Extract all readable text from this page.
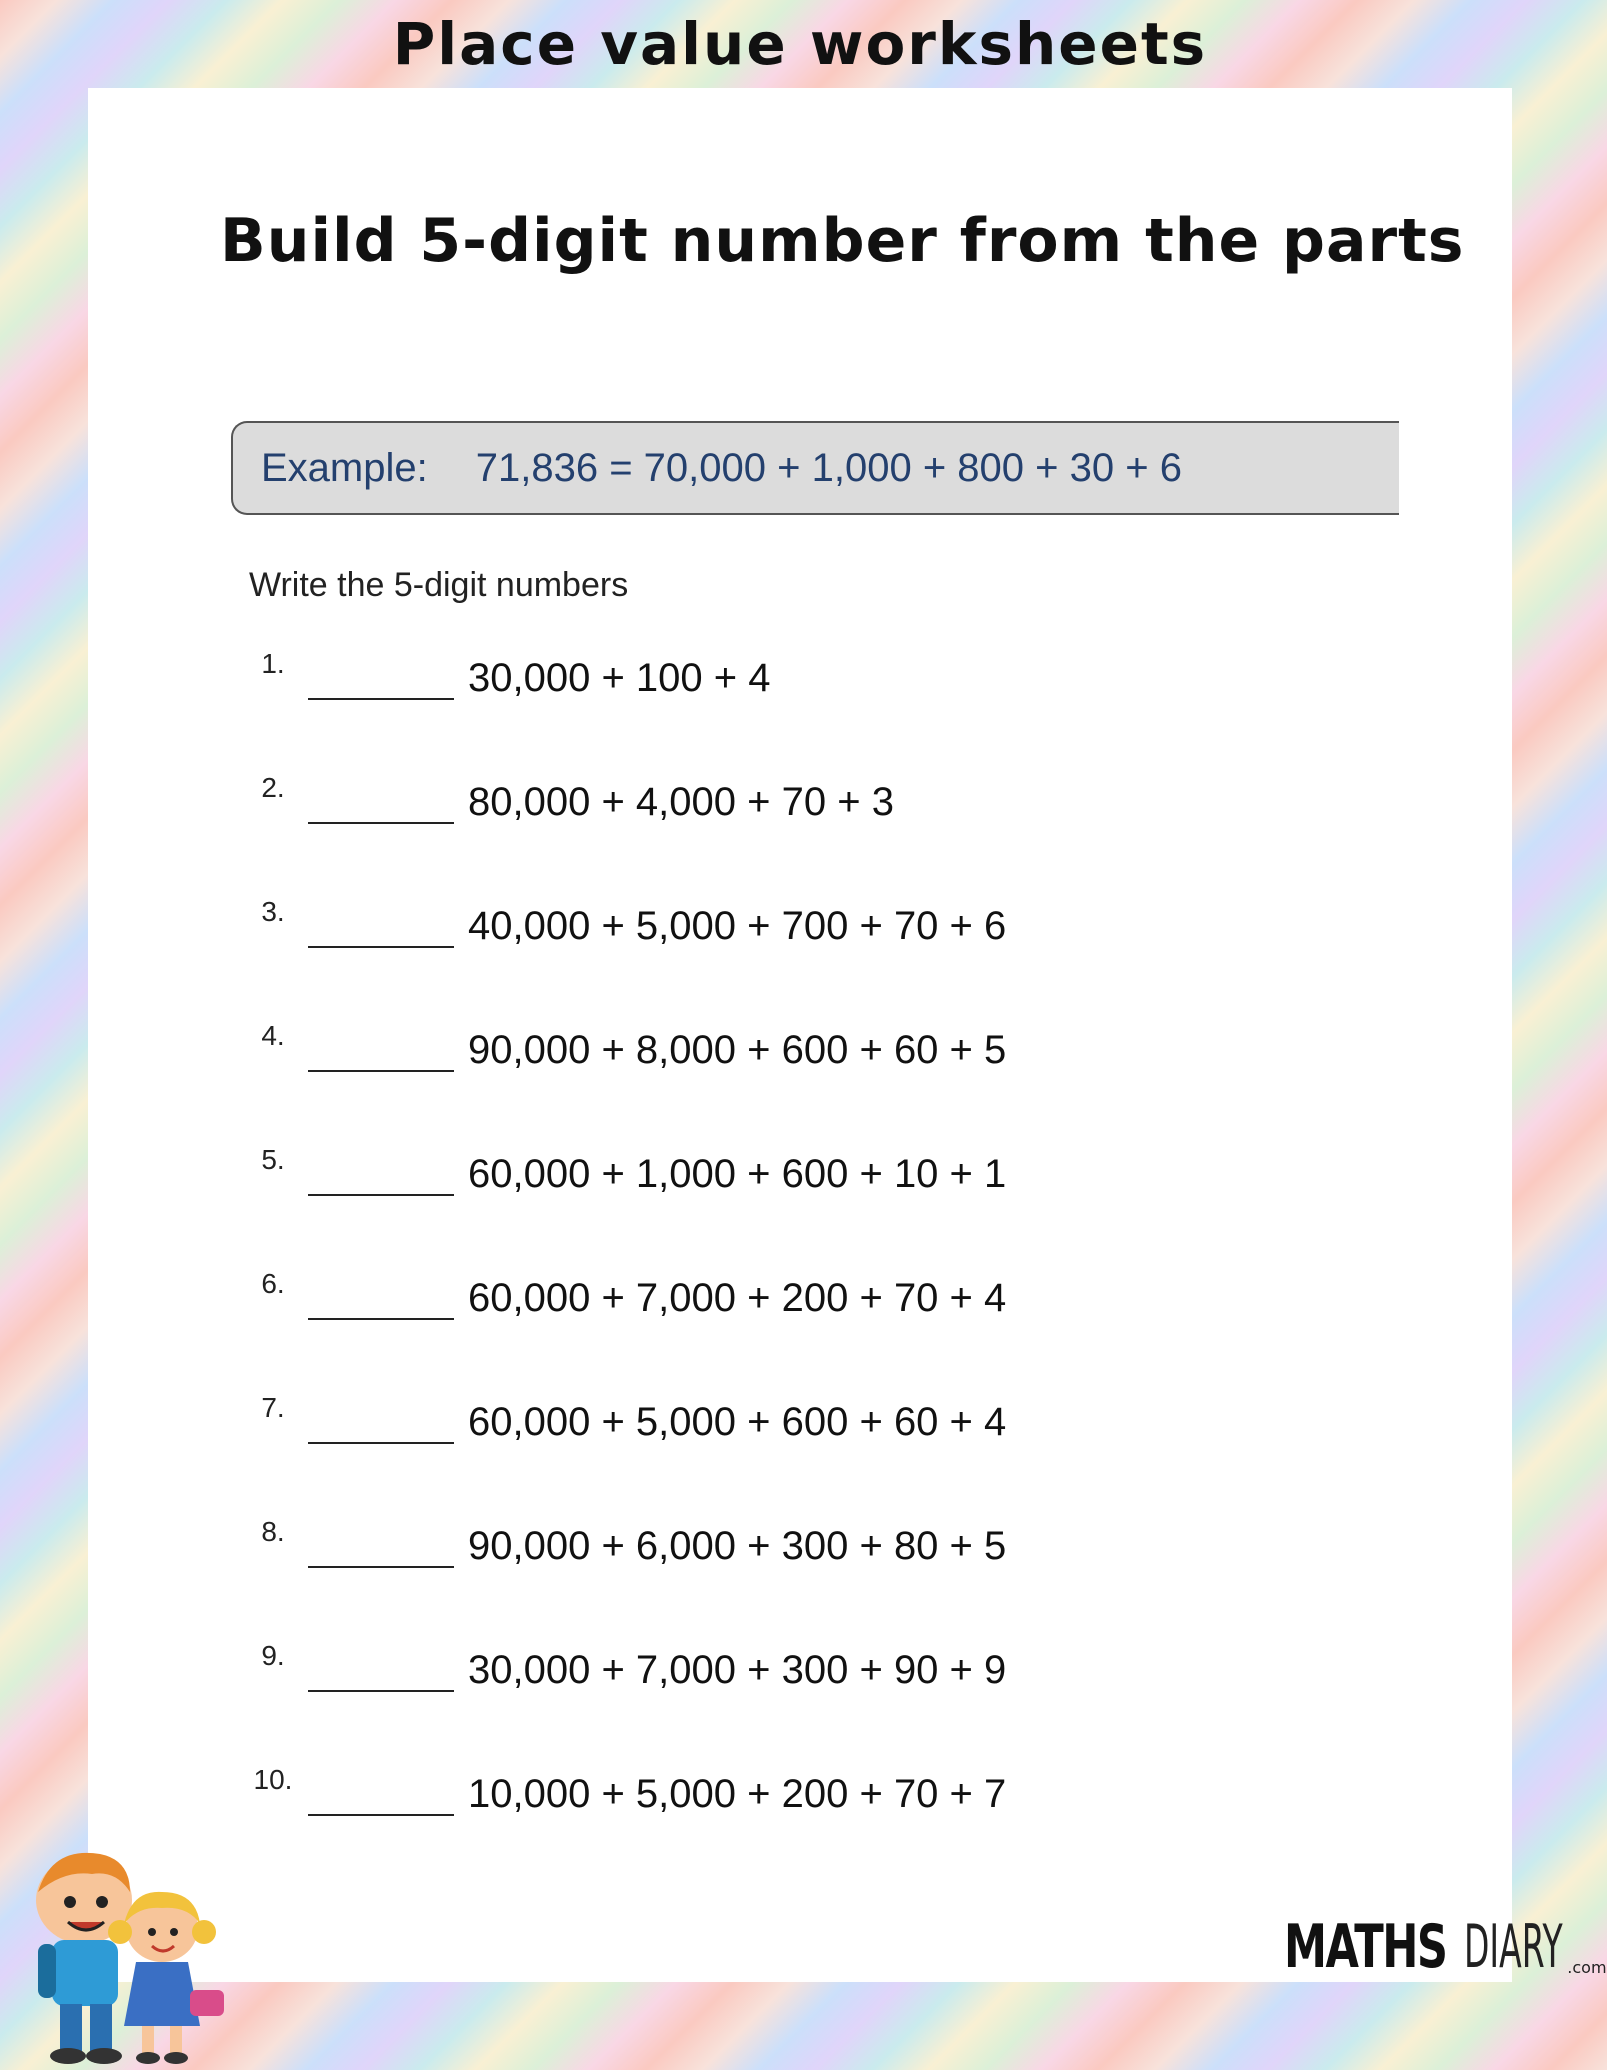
Place value worksheets
Build 5-digit number from the parts
Example: 71,836 = 70,000 + 1,000 + 800 + 30 + 6
Write the 5-digit numbers
1.	30,000 + 100 + 4
2.	80,000 + 4,000 + 70 + 3
3.	40,000 + 5,000 + 700 + 70 + 6
4.	90,000 + 8,000 + 600 + 60 + 5
5.	60,000 + 1,000 + 600 + 10 + 1
6.	60,000 + 7,000 + 200 + 70 + 4
7.	60,000 + 5,000 + 600 + 60 + 4
8.	90,000 + 6,000 + 300 + 80 + 5
9.	30,000 + 7,000 + 300 + 90 + 9
10.	10,000 + 5,000 + 200 + 70 + 7
MATHS DIARY .com
